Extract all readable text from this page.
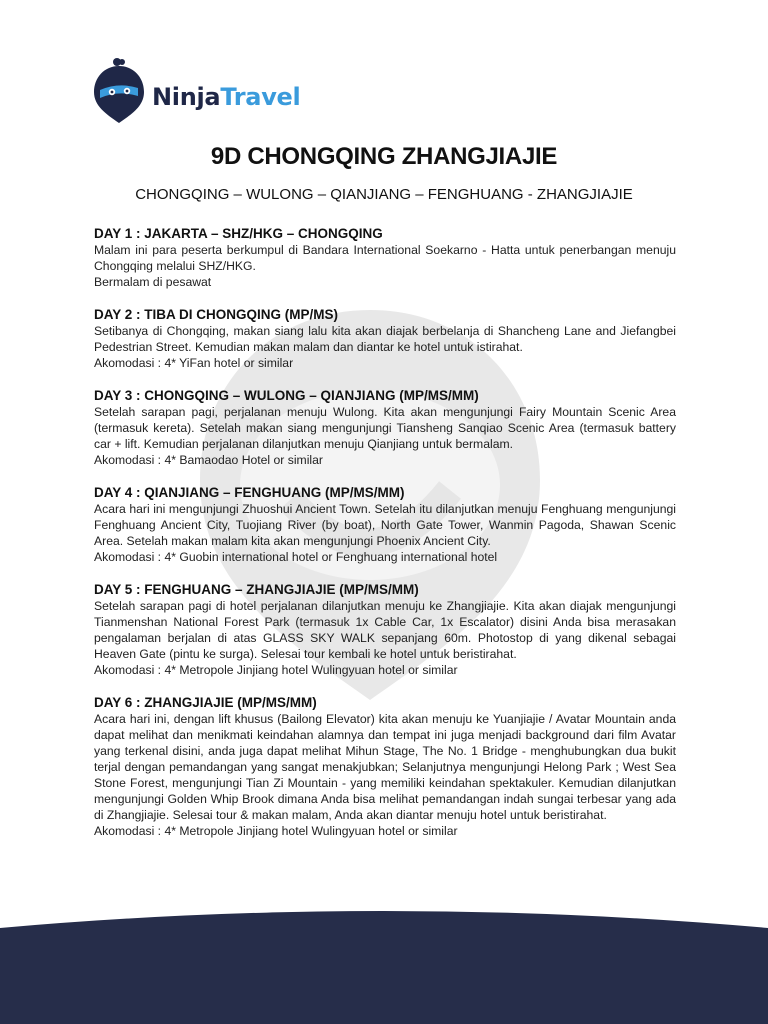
NinjaTravel
9D CHONGQING ZHANGJIAJIE
CHONGQING – WULONG – QIANJIANG – FENGHUANG - ZHANGJIAJIE
DAY 1 : JAKARTA – SHZ/HKG – CHONGQING

Malam ini para peserta berkumpul di Bandara International Soekarno - Hatta untuk penerbangan menuju Chongqing melalui SHZ/HKG.

Bermalam di pesawat

DAY 2 : TIBA DI CHONGQING (MP/MS)

Setibanya di Chongqing, makan siang lalu kita akan diajak berbelanja di Shancheng Lane and Jiefangbei Pedestrian Street. Kemudian makan malam dan diantar ke hotel untuk istirahat.

Akomodasi : 4* YiFan hotel or similar

DAY 3 : CHONGQING – WULONG – QIANJIANG (MP/MS/MM)

Setelah sarapan pagi, perjalanan menuju Wulong. Kita akan mengunjungi Fairy Mountain Scenic Area (termasuk kereta). Setelah makan siang mengunjungi Tiansheng Sanqiao Scenic Area (termasuk battery car + lift. Kemudian perjalanan dilanjutkan menuju Qianjiang untuk bermalam.

Akomodasi : 4* Bamaodao Hotel or similar

DAY 4 : QIANJIANG – FENGHUANG (MP/MS/MM)

Acara hari ini mengunjungi Zhuoshui Ancient Town. Setelah itu dilanjutkan menuju Fenghuang mengunjungi Fenghuang Ancient City, Tuojiang River (by boat), North Gate Tower, Wanmin Pagoda, Shawan Scenic Area. Setelah makan malam kita akan mengunjungi Phoenix Ancient City.

Akomodasi : 4* Guobin international hotel or Fenghuang international hotel

DAY 5 : FENGHUANG – ZHANGJIAJIE (MP/MS/MM)

Setelah sarapan pagi di hotel perjalanan dilanjutkan menuju ke Zhangjiajie. Kita akan diajak mengunjungi Tianmenshan National Forest Park (termasuk 1x Cable Car, 1x Escalator) disini Anda bisa merasakan pengalaman berjalan di atas GLASS SKY WALK sepanjang 60m. Photostop di yang dikenal sebagai Heaven Gate (pintu ke surga). Selesai tour kembali ke hotel untuk beristirahat.

Akomodasi : 4* Metropole Jinjiang hotel Wulingyuan hotel or similar

DAY 6 : ZHANGJIAJIE (MP/MS/MM)

Acara hari ini, dengan lift khusus (Bailong Elevator) kita akan menuju ke Yuanjiajie / Avatar Mountain anda dapat melihat dan menikmati keindahan alamnya dan tempat ini juga menjadi background dari film Avatar yang terkenal disini, anda juga dapat melihat Mihun Stage, The No. 1 Bridge - menghubungkan dua bukit terjal dengan pemandangan yang sangat menakjubkan; Selanjutnya mengunjungi Helong Park ; West Sea Stone Forest, mengunjungi Tian Zi Mountain - yang memiliki keindahan spektakuler. Kemudian dilanjutkan mengunjungi Golden Whip Brook dimana Anda bisa melihat pemandangan indah sungai terbesar yang ada di Zhangjiajie. Selesai tour & makan malam, Anda akan diantar menuju hotel untuk beristirahat.

Akomodasi : 4* Metropole Jinjiang hotel Wulingyuan hotel or similar
